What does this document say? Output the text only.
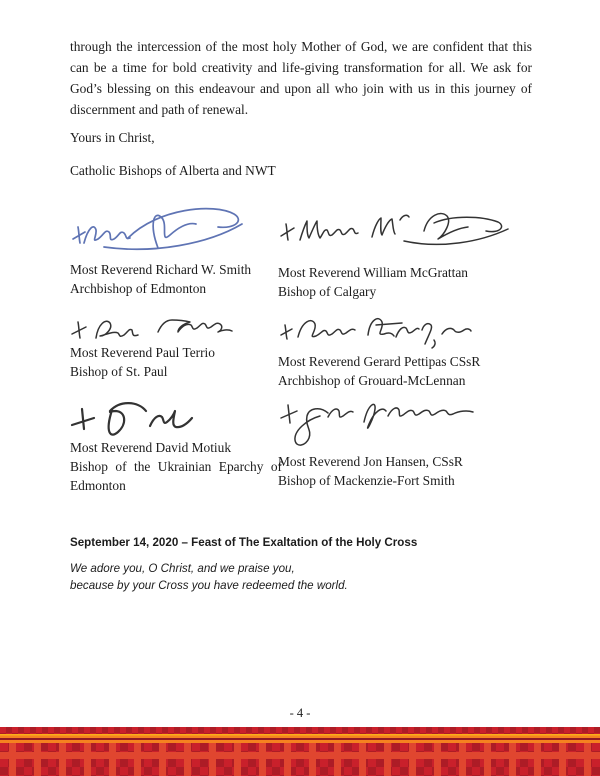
through the intercession of the most holy Mother of God, we are confident that this can be a time for bold creativity and life-giving transformation for all. We ask for God’s blessing on this endeavour and upon all who join with us in this journey of discernment and path of renewal.
Yours in Christ,
Catholic Bishops of Alberta and NWT
Most Reverend Richard W. Smith
Archbishop of Edmonton
Most Reverend William McGrattan
Bishop of Calgary
Most Reverend Paul Terrio
Bishop of St. Paul
Most Reverend Gerard Pettipas CSsR
Archbishop of Grouard-McLennan
Most Reverend David Motiuk
Bishop of the Ukrainian Eparchy of Edmonton
Most Reverend Jon Hansen, CSsR
Bishop of Mackenzie-Fort Smith
September 14, 2020 – Feast of The Exaltation of the Holy Cross
We adore you, O Christ, and we praise you,
because by your Cross you have redeemed the world.
- 4 -
